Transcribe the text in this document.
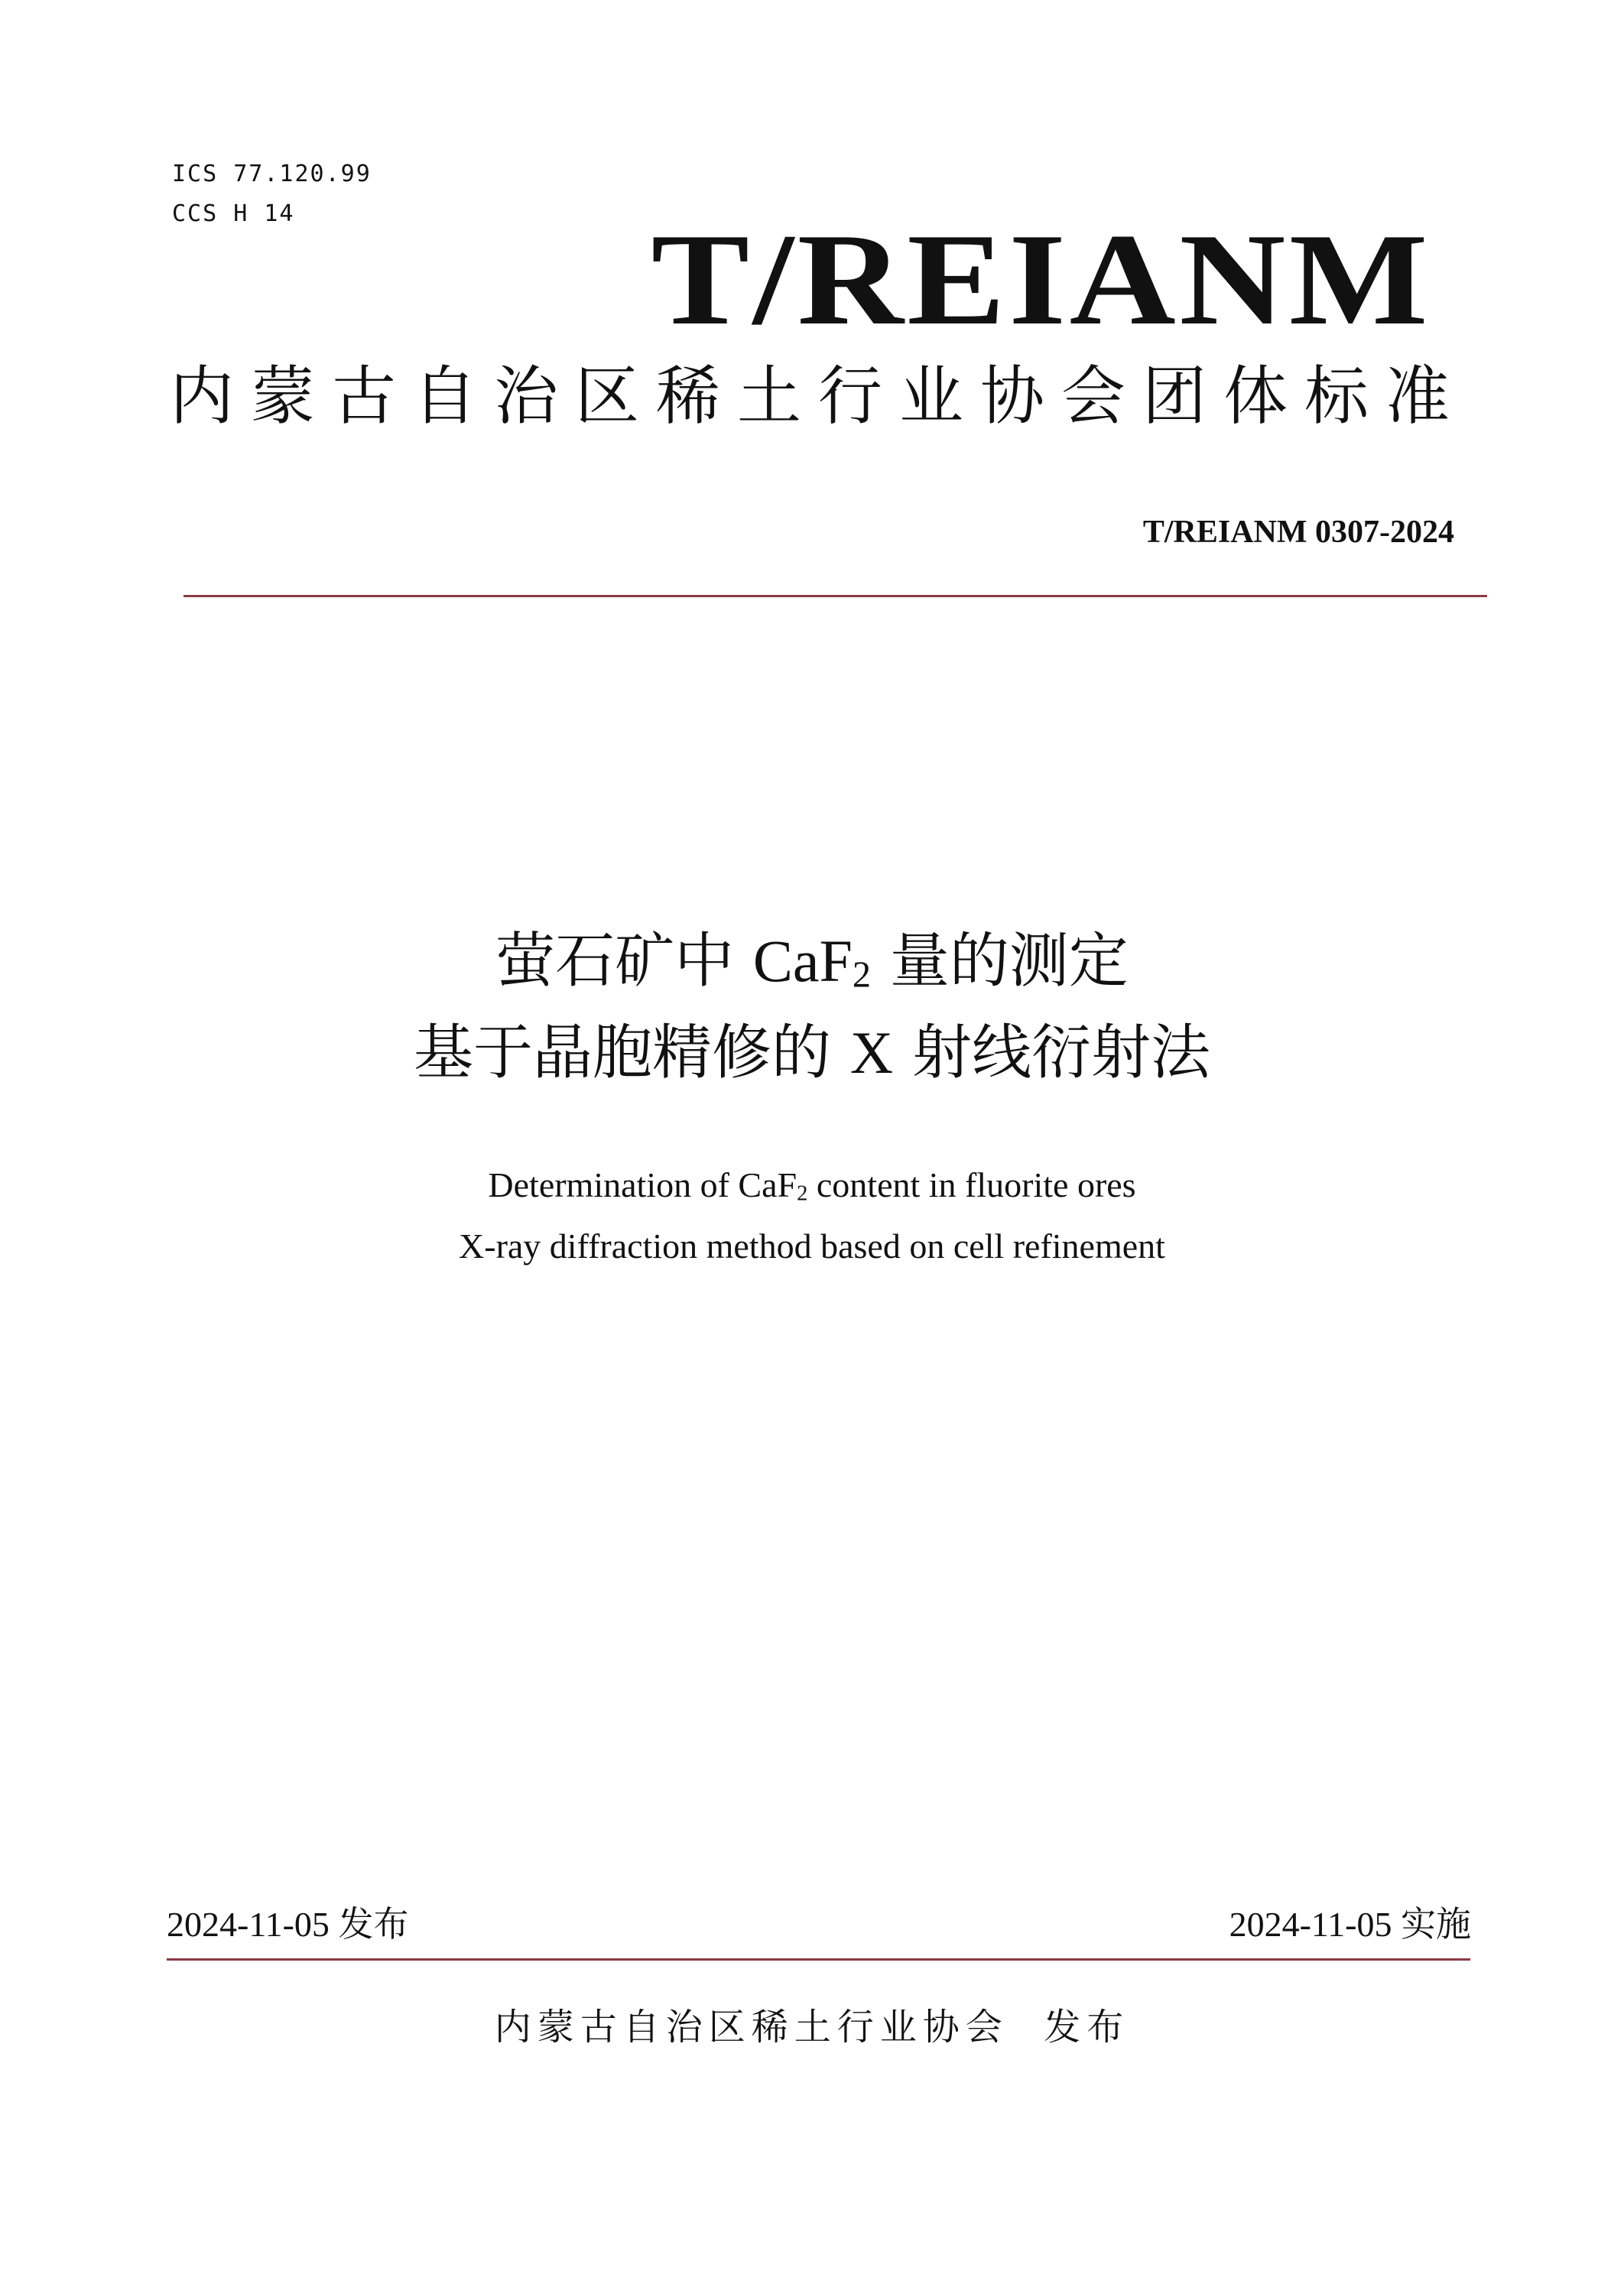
ICS 77.120.99
CCS H 14	T/REIANM
内蒙古自治区稀土行业协会团体标准
T/REIANM 0307-2024
萤石矿中 CaF$_2$ 量的测定
基于晶胞精修的 X 射线衍射法
Determination of CaF$_2$ content in fluorite ores
X-ray diffraction method based on cell refinement
2024-11-05 发布	2024-11-05 实施
内蒙古自治区稀土行业协会  发布
